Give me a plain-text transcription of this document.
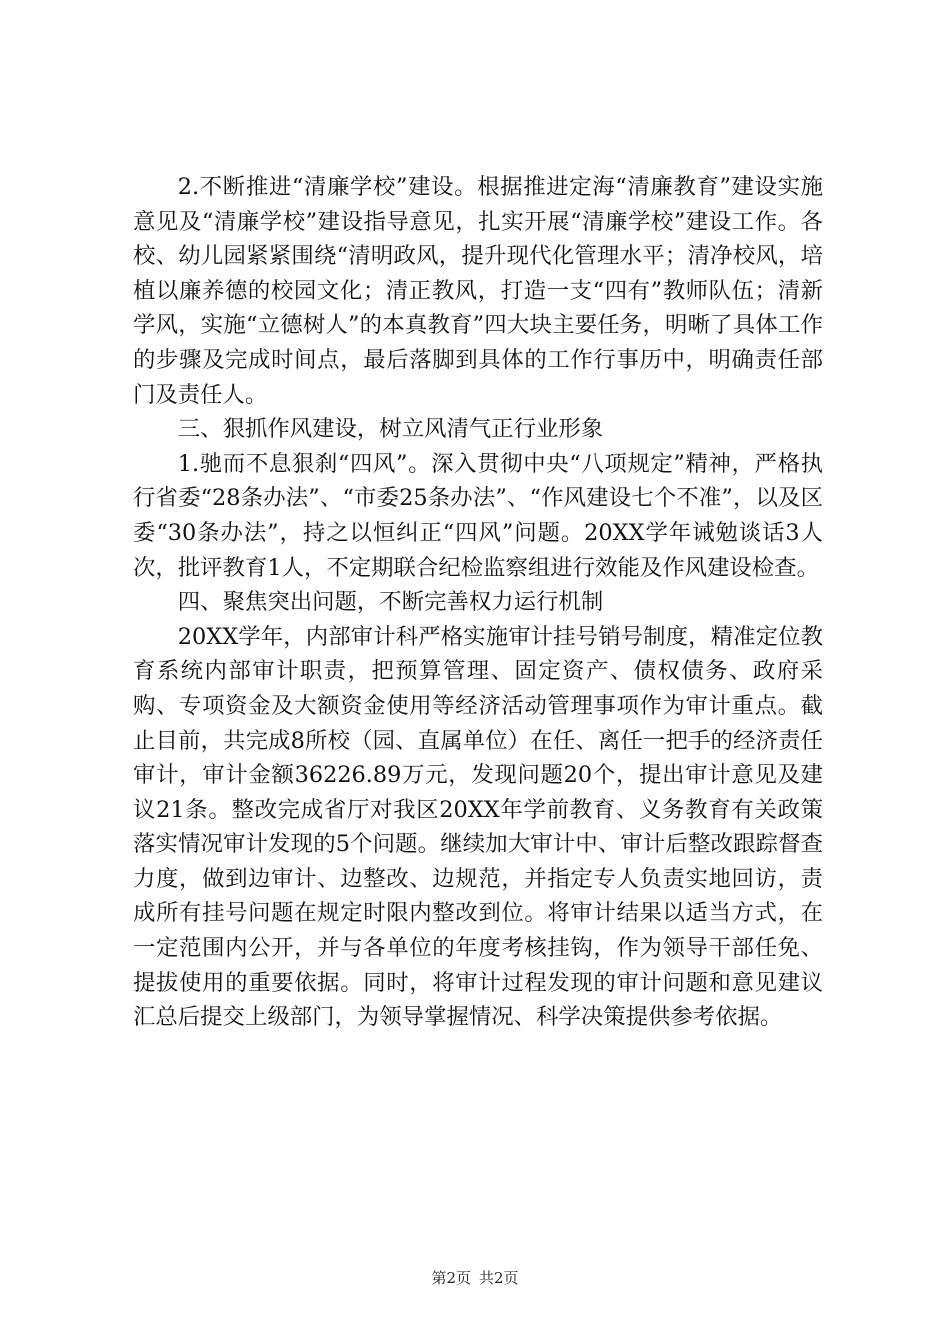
2.不断推进“清廉学校”建设。根据推进定海“清廉教育”建设实施意见及“清廉学校”建设指导意见，扎实开展“清廉学校”建设工作。各校、幼儿园紧紧围绕“清明政风，提升现代化管理水平；清净校风，培植以廉养德的校园文化；清正教风，打造一支“四有”教师队伍；清新学风，实施“立德树人”的本真教育”四大块主要任务，明晰了具体工作的步骤及完成时间点，最后落脚到具体的工作行事历中，明确责任部门及责任人。

三、狠抓作风建设，树立风清气正行业形象

1.驰而不息狠刹“四风”。深入贯彻中央“八项规定”精神，严格执行省委“28条办法”、“市委25条办法”、“作风建设七个不准”，以及区委“30条办法”，持之以恒纠正“四风”问题。20XX学年诫勉谈话3人次，批评教育1人，不定期联合纪检监察组进行效能及作风建设检查。

四、聚焦突出问题，不断完善权力运行机制

20XX学年，内部审计科严格实施审计挂号销号制度，精准定位教育系统内部审计职责，把预算管理、固定资产、债权债务、政府采购、专项资金及大额资金使用等经济活动管理事项作为审计重点。截止目前，共完成8所校（园、直属单位）在任、离任一把手的经济责任审计，审计金额36226.89万元，发现问题20个，提出审计意见及建议21条。整改完成省厅对我区20XX年学前教育、义务教育有关政策落实情况审计发现的5个问题。继续加大审计中、审计后整改跟踪督查力度，做到边审计、边整改、边规范，并指定专人负责实地回访，责成所有挂号问题在规定时限内整改到位。将审计结果以适当方式，在一定范围内公开，并与各单位的年度考核挂钩，作为领导干部任免、提拔使用的重要依据。同时，将审计过程发现的审计问题和意见建议汇总后提交上级部门，为领导掌握情况、科学决策提供参考依据。

第2页 共2页
